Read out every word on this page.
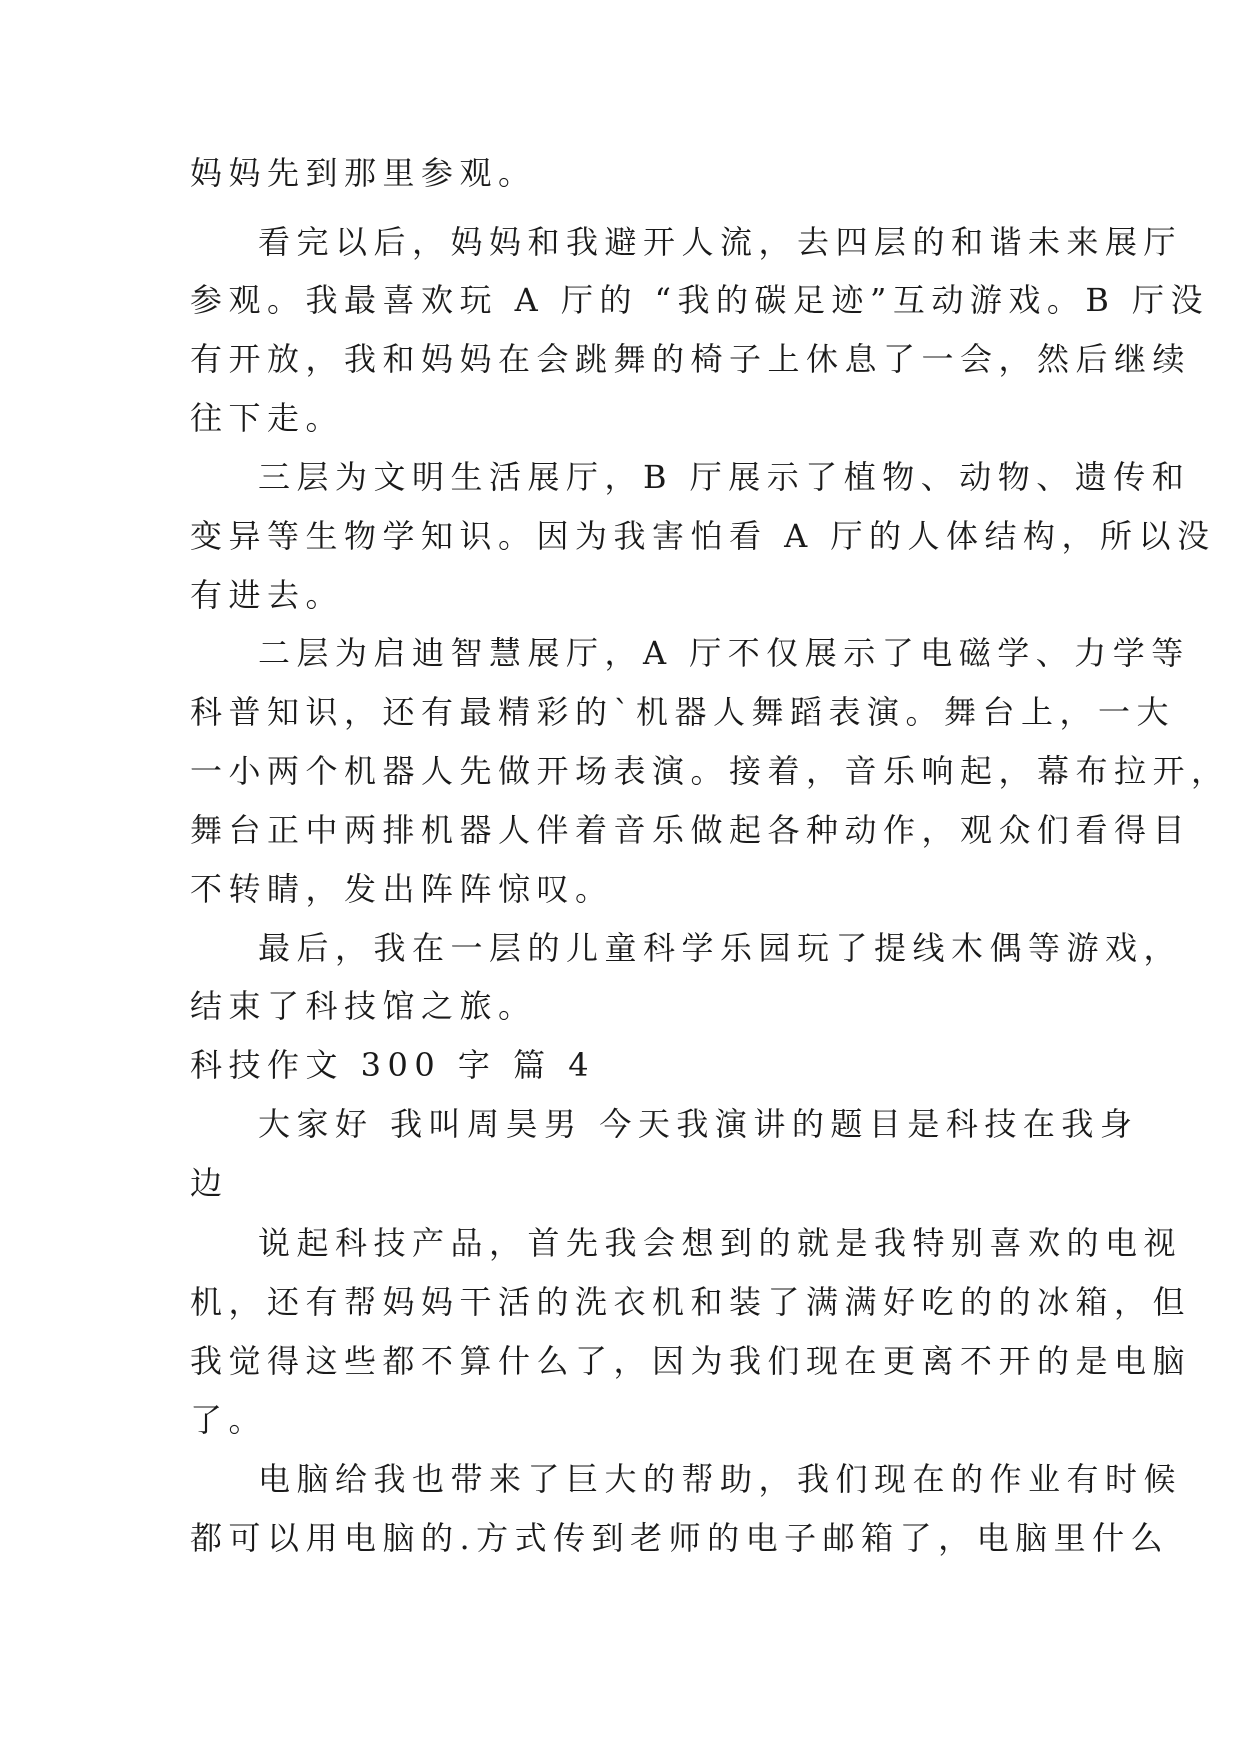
妈妈先到那里参观。
看完以后，妈妈和我避开人流，去四层的和谐未来展厅
参观。我最喜欢玩 A 厅的 “我的碳足迹”互动游戏。B 厅没
有开放，我和妈妈在会跳舞的椅子上休息了一会，然后继续
往下走。
三层为文明生活展厅，B 厅展示了植物、动物、遗传和
变异等生物学知识。因为我害怕看 A 厅的人体结构，所以没
有进去。
二层为启迪智慧展厅，A 厅不仅展示了电磁学、力学等
科普知识，还有最精彩的`机器人舞蹈表演。舞台上，一大
一小两个机器人先做开场表演。接着，音乐响起，幕布拉开，
舞台正中两排机器人伴着音乐做起各种动作，观众们看得目
不转睛，发出阵阵惊叹。
最后，我在一层的儿童科学乐园玩了提线木偶等游戏，
结束了科技馆之旅。
科技作文 300 字 篇 4
大家好 我叫周昊男 今天我演讲的题目是科技在我身
边
说起科技产品，首先我会想到的就是我特别喜欢的电视
机，还有帮妈妈干活的洗衣机和装了满满好吃的的冰箱，但
我觉得这些都不算什么了，因为我们现在更离不开的是电脑
了。
电脑给我也带来了巨大的帮助，我们现在的作业有时候
都可以用电脑的.方式传到老师的电子邮箱了，电脑里什么
